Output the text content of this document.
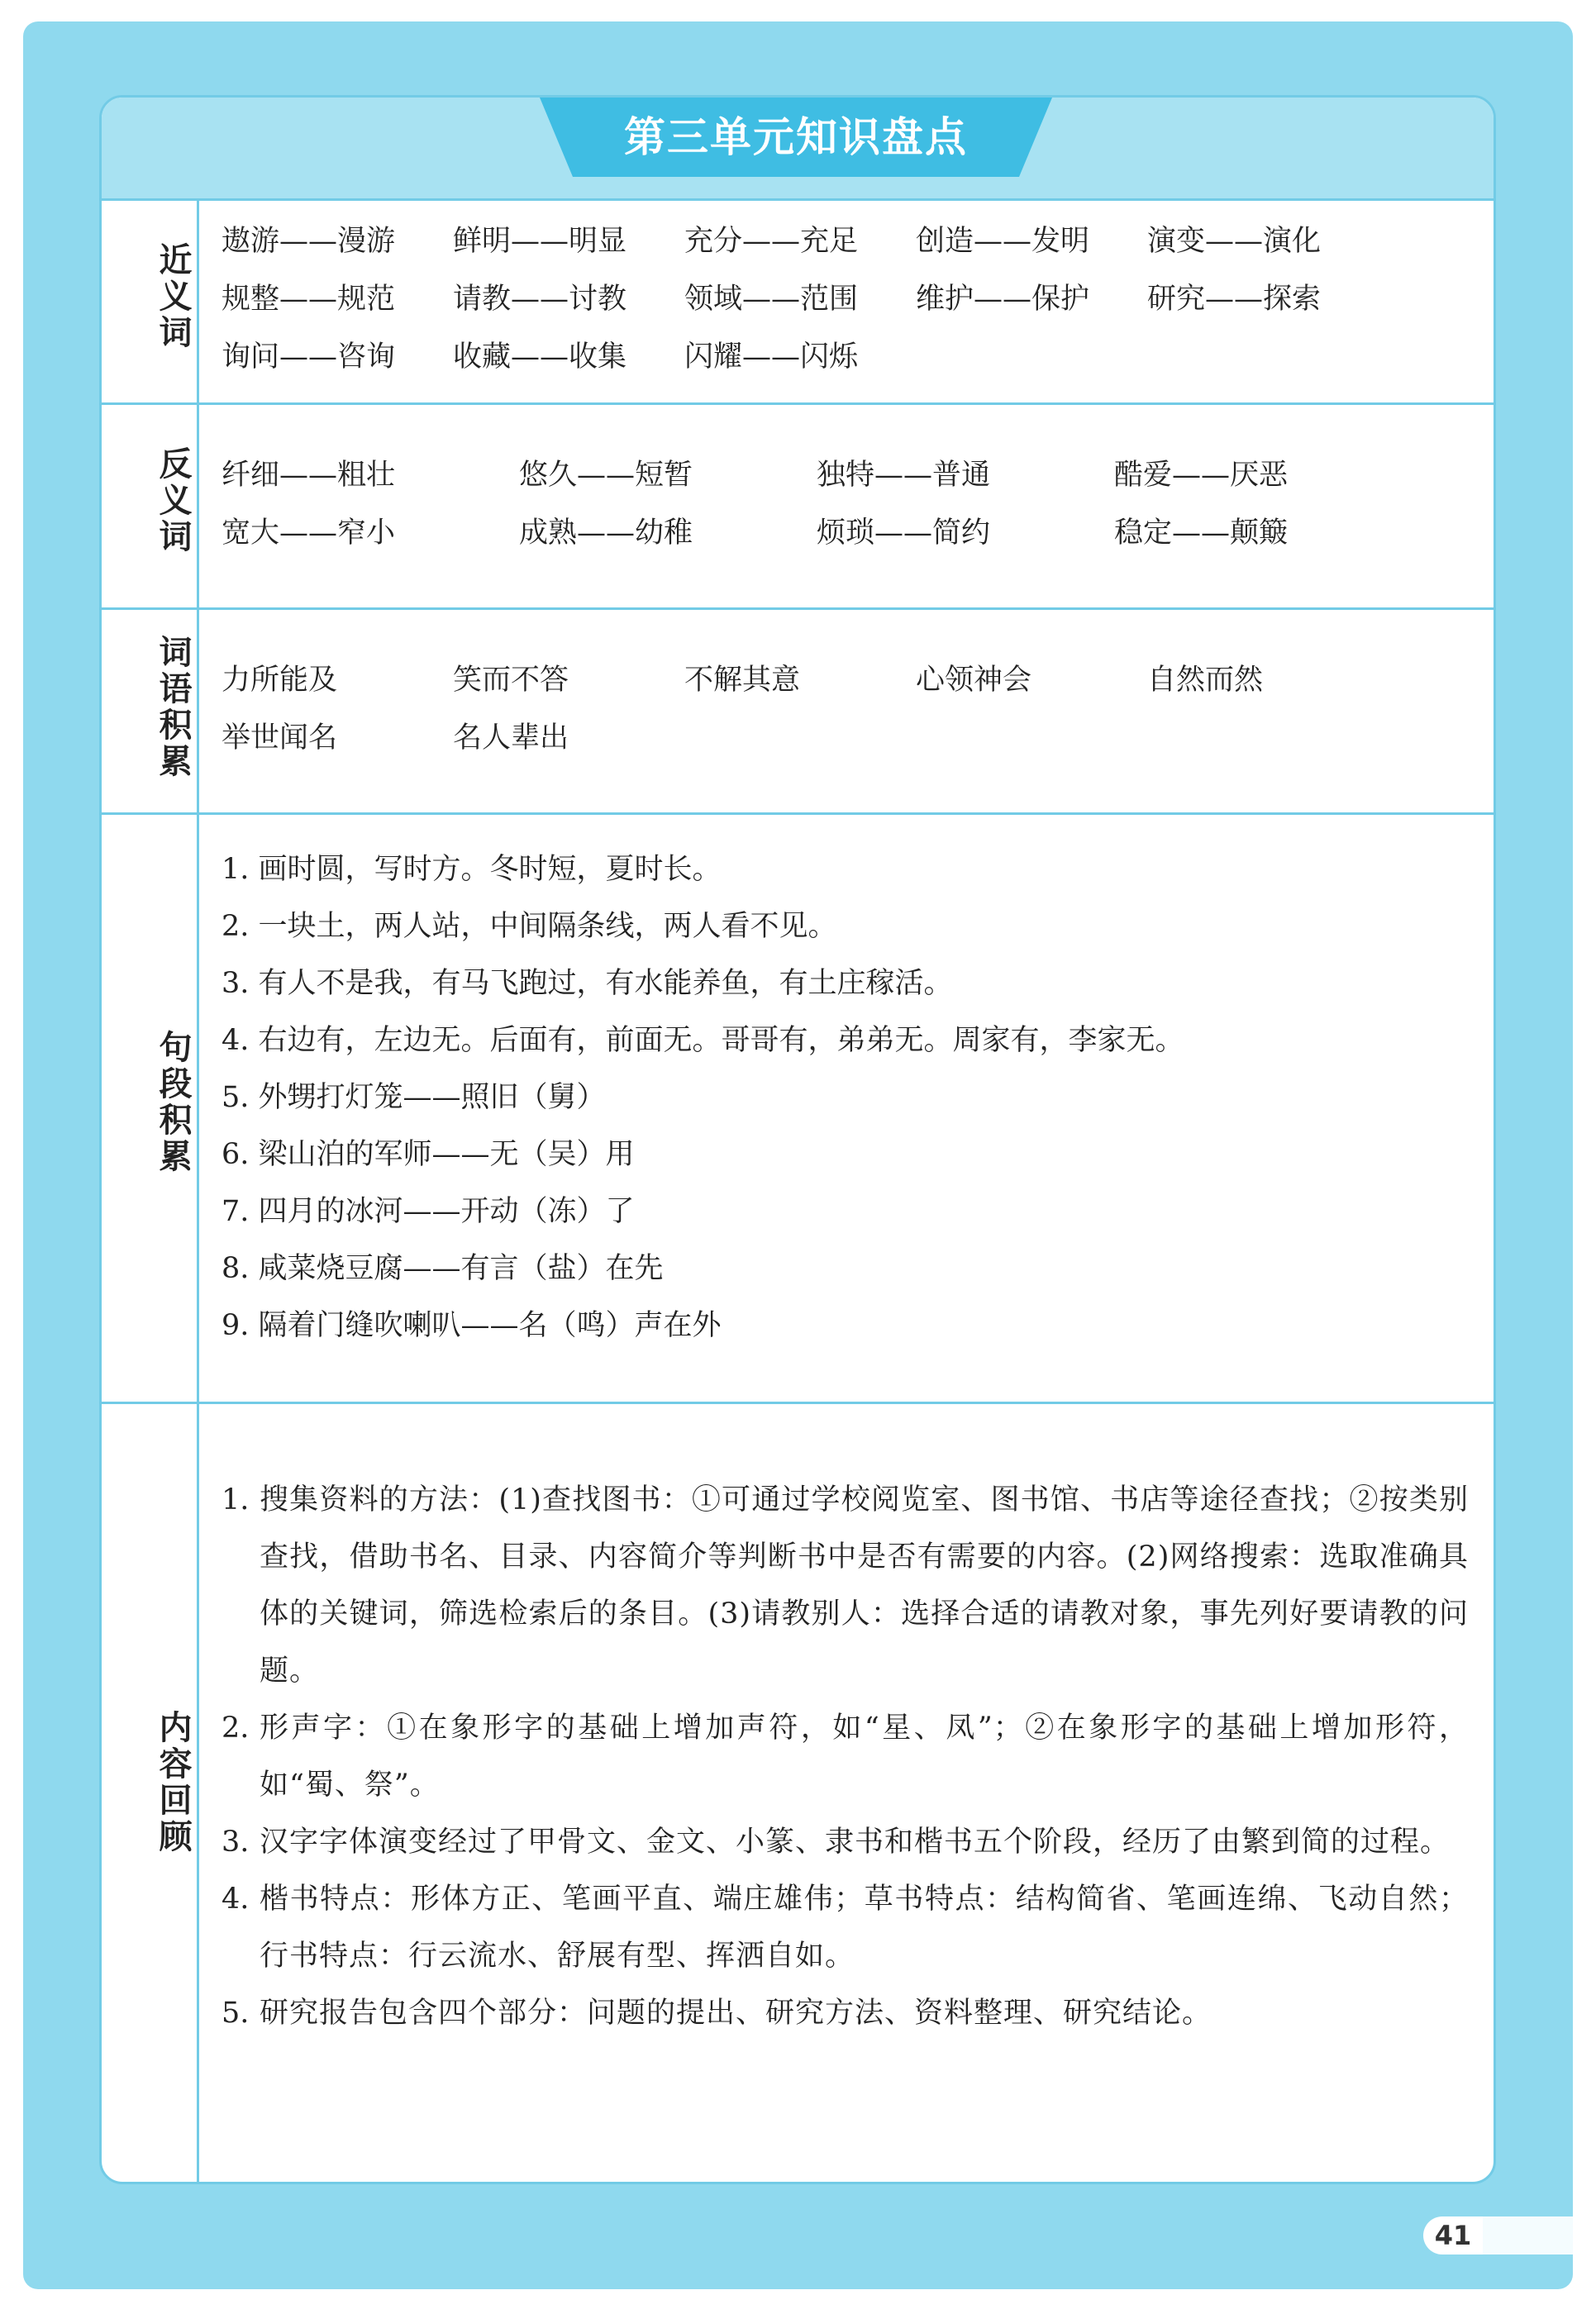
第三单元知识盘点
近义词
遨游——漫游	鲜明——明显	充分——充足	创造——发明	演变——演化
规整——规范	请教——讨教	领域——范围	维护——保护	研究——探索
询问——咨询	收藏——收集	闪耀——闪烁
反义词 纤细——粗壮	悠久——短暂	独特——普通	酷爱——厌恶
宽大——窄小	成熟——幼稚	烦琐——简约	稳定——颠簸
词语积累 力所能及	笑而不答	不解其意	心领神会	自然而然
举世闻名	名人辈出
句段积累
1. 画时圆，写时方。冬时短，夏时长。
2. 一块土，两人站，中间隔条线，两人看不见。
3. 有人不是我，有马飞跑过，有水能养鱼，有土庄稼活。
4. 右边有，左边无。后面有，前面无。哥哥有，弟弟无。周家有，李家无。
5. 外甥打灯笼——照旧（舅）
6. 梁山泊的军师——无（吴）用
7. 四月的冰河——开动（冻）了
8. 咸菜烧豆腐——有言（盐）在先
9. 隔着门缝吹喇叭——名（鸣）声在外
内容回顾
1. 搜集资料的方法：(1)查找图书：①可通过学校阅览室、图书馆、书店等途径查找；②按类别查找，借助书名、目录、内容简介等判断书中是否有需要的内容。(2)网络搜索：选取准确具体的关键词，筛选检索后的条目。(3)请教别人：选择合适的请教对象，事先列好要请教的问题。
2. 形声字：①在象形字的基础上增加声符，如“星、凤”；②在象形字的基础上增加形符，如“蜀、祭”。
3. 汉字字体演变经过了甲骨文、金文、小篆、隶书和楷书五个阶段，经历了由繁到简的过程。
4. 楷书特点：形体方正、笔画平直、端庄雄伟；草书特点：结构简省、笔画连绵、飞动自然；行书特点：行云流水、舒展有型、挥洒自如。
5. 研究报告包含四个部分：问题的提出、研究方法、资料整理、研究结论。
41
